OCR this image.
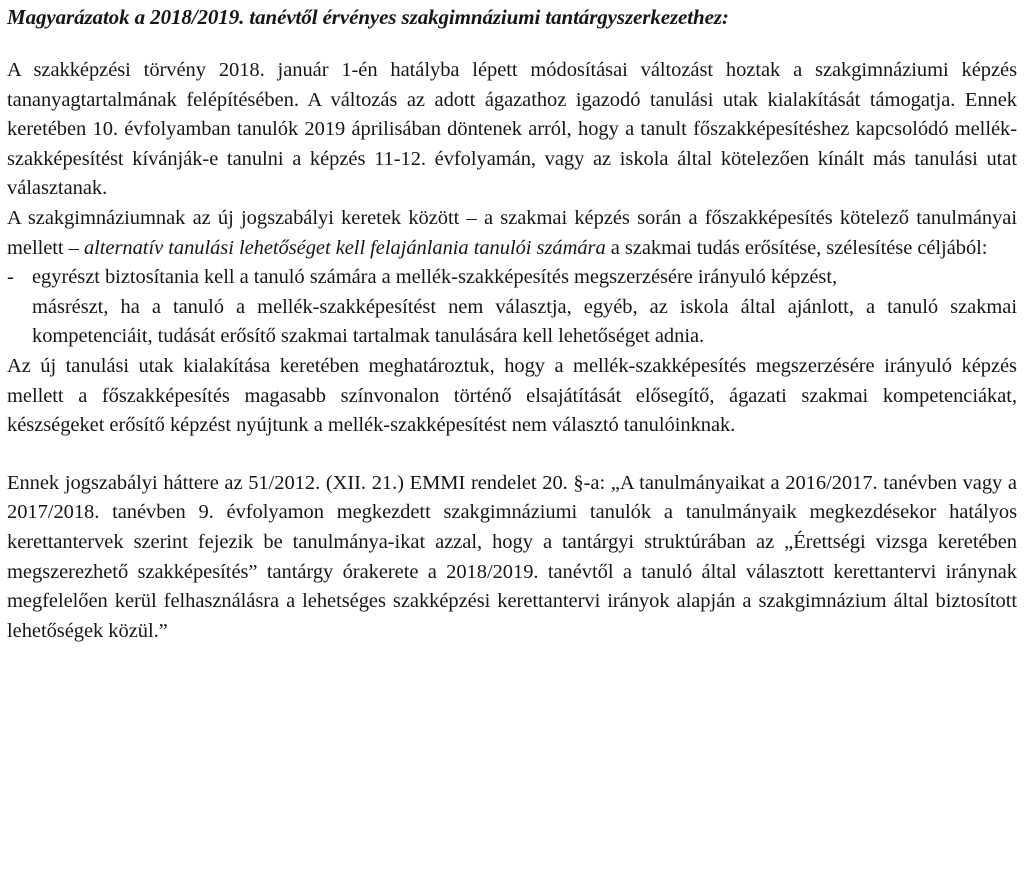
Magyarázatok a 2018/2019. tanévtől érvényes szakgimnáziumi tantárgyszerkezethez:

A szakképzési törvény 2018. január 1-én hatályba lépett módosításai változást hoztak a szakgimnáziumi képzés tananyagtartalmának felépítésében. A változás az adott ágazathoz igazodó tanulási utak kialakítását támogatja. Ennek keretében 10. évfolyamban tanulók 2019 áprilisában döntenek arról, hogy a tanult főszakképesítéshez kapcsolódó mellék-szakképesítést kívánják-e tanulni a képzés 11-12. évfolyamán, vagy az iskola által kötelezően kínált más tanulási utat választanak.

A szakgimnáziumnak az új jogszabályi keretek között – a szakmai képzés során a főszakképesítés kötelező tanulmányai mellett – alternatív tanulási lehetőséget kell felajánlania tanulói számára a szakmai tudás erősítése, szélesítése céljából:

- egyrészt biztosítania kell a tanuló számára a mellék-szakképesítés megszerzésére irányuló képzést,

másrészt, ha a tanuló a mellék-szakképesítést nem választja, egyéb, az iskola által ajánlott, a tanuló szakmai kompetenciáit, tudását erősítő szakmai tartalmak tanulására kell lehetőséget adnia.

Az új tanulási utak kialakítása keretében meghatároztuk, hogy a mellék-szakképesítés megszerzésére irányuló képzés mellett a főszakképesítés magasabb színvonalon történő elsajátítását elősegítő, ágazati szakmai kompetenciákat, készségeket erősítő képzést nyújtunk a mellék-szakképesítést nem választó tanulóinknak.

Ennek jogszabályi háttere az 51/2012. (XII. 21.) EMMI rendelet 20. §-a: „A tanulmányaikat a 2016/2017. tanévben vagy a 2017/2018. tanévben 9. évfolyamon megkezdett szakgimnáziumi tanulók a tanulmányaik megkezdésekor hatályos kerettantervek szerint fejezik be tanulmánya-ikat azzal, hogy a tantárgyi struktúrában az „Érettségi vizsga keretében megszerezhető szakképesítés” tantárgy órakerete a 2018/2019. tanévtől a tanuló által választott kerettantervi iránynak megfelelően kerül felhasználásra a lehetséges szakképzési kerettantervi irányok alapján a szakgimnázium által biztosított lehetőségek közül.”
